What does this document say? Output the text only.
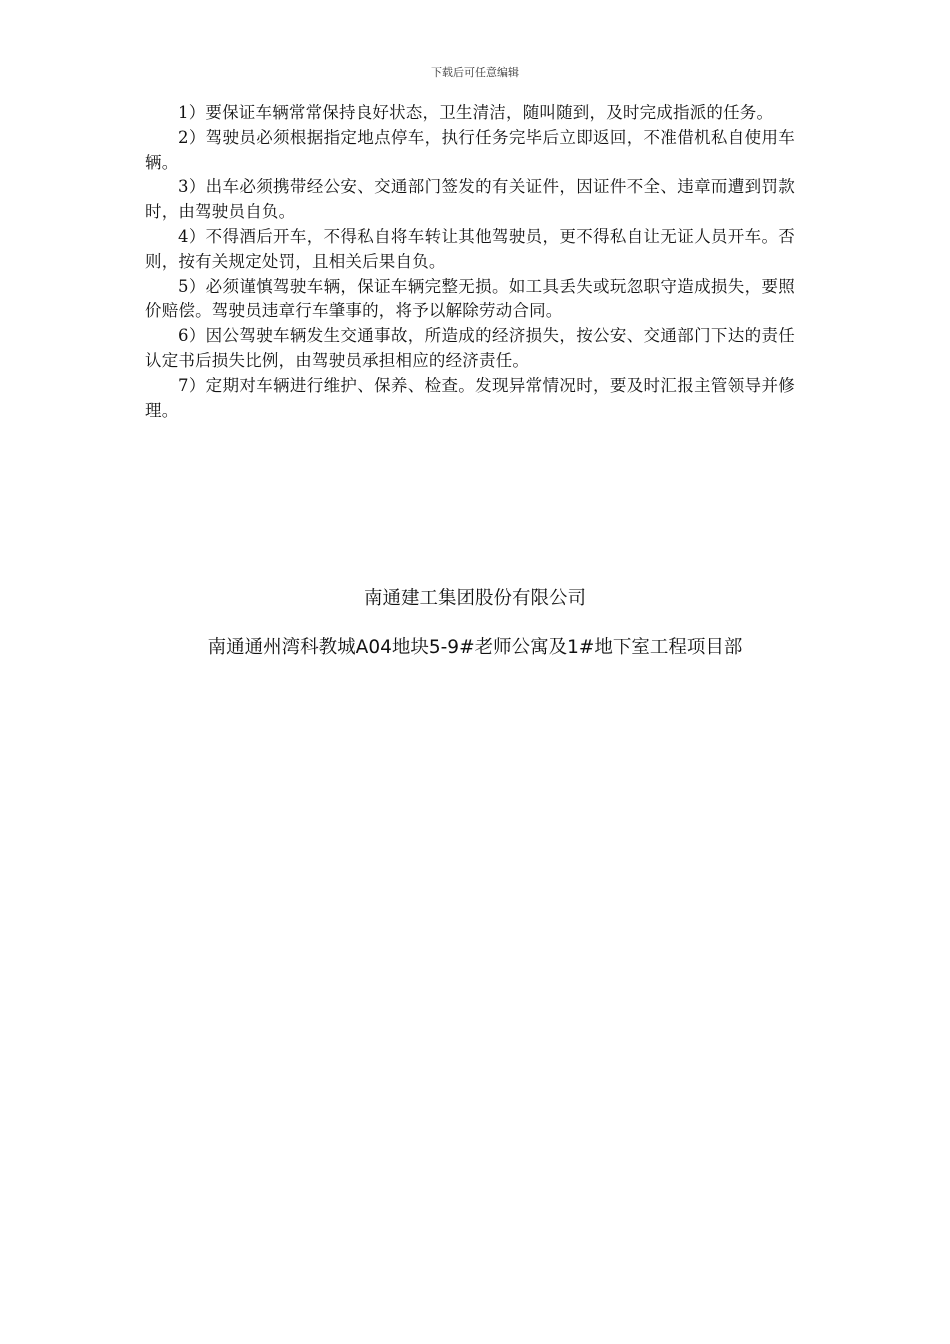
下载后可任意编辑

1）要保证车辆常常保持良好状态，卫生清洁，随叫随到，及时完成指派的任务。

2）驾驶员必须根据指定地点停车，执行任务完毕后立即返回，不准借机私自使用车辆。

3）出车必须携带经公安、交通部门签发的有关证件，因证件不全、违章而遭到罚款时，由驾驶员自负。

4）不得酒后开车，不得私自将车转让其他驾驶员，更不得私自让无证人员开车。否则，按有关规定处罚，且相关后果自负。

5）必须谨慎驾驶车辆，保证车辆完整无损。如工具丢失或玩忽职守造成损失，要照价赔偿。驾驶员违章行车肇事的，将予以解除劳动合同。

6）因公驾驶车辆发生交通事故，所造成的经济损失，按公安、交通部门下达的责任认定书后损失比例，由驾驶员承担相应的经济责任。

7）定期对车辆进行维护、保养、检查。发现异常情况时，要及时汇报主管领导并修理。

南通建工集团股份有限公司
南通通州湾科教城A04地块5-9#老师公寓及1#地下室工程项目部
